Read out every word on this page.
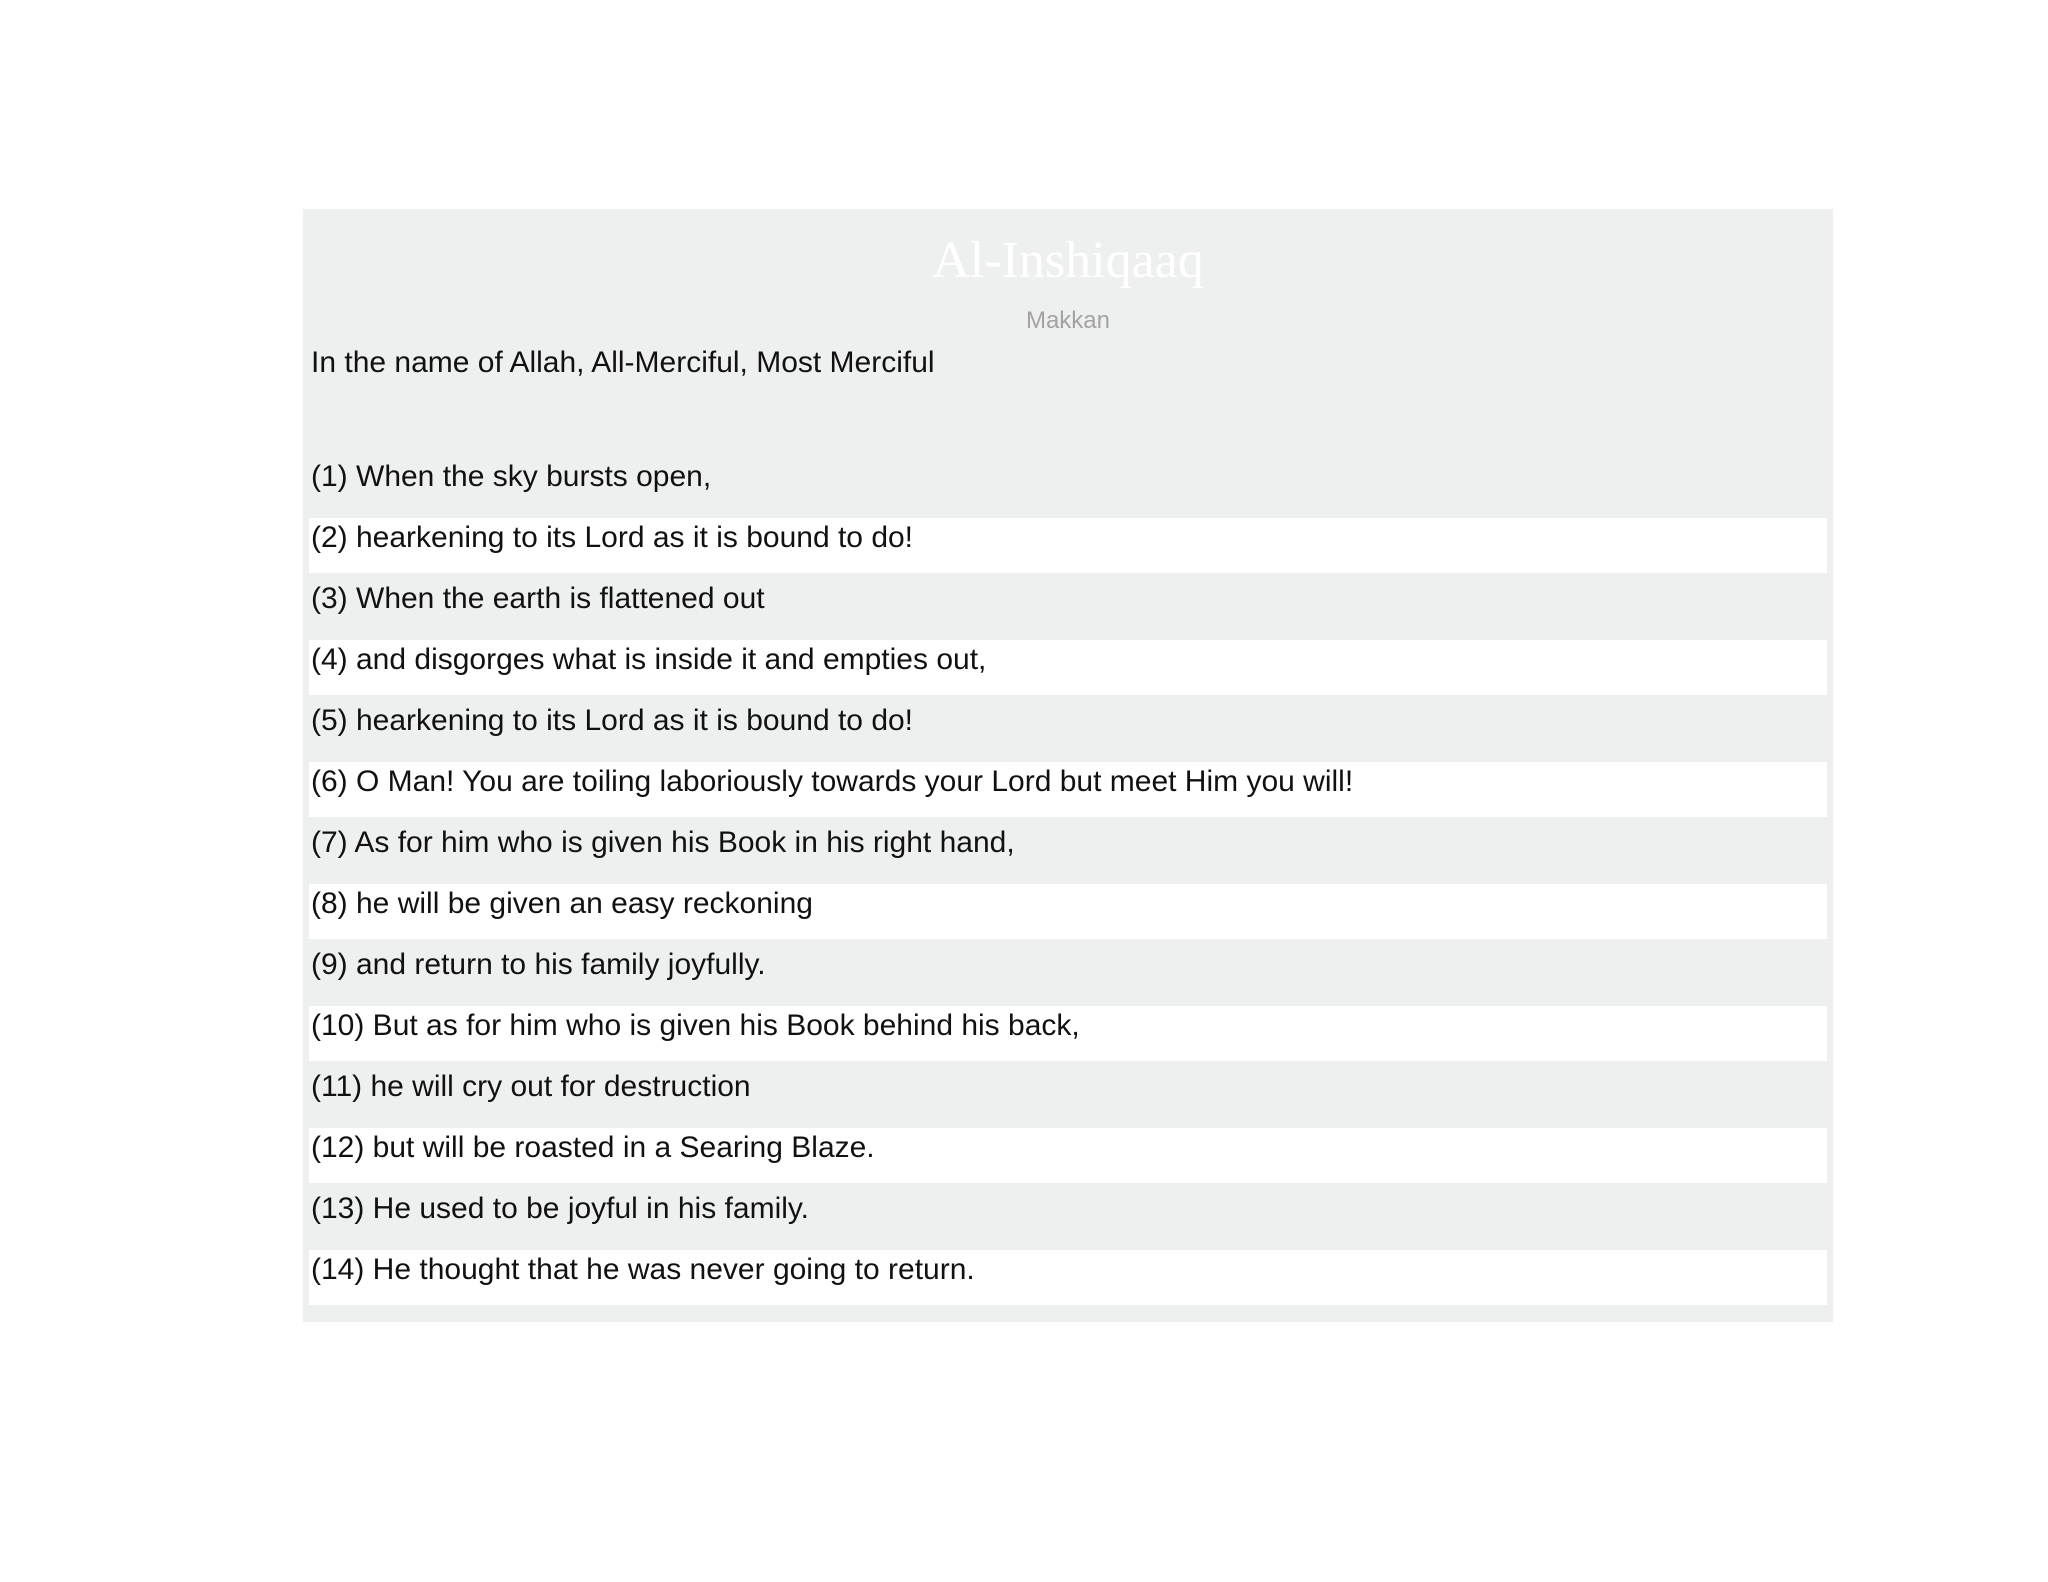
Al-Inshiqaaq
Makkan
In the name of Allah, All-Merciful, Most Merciful
(1) When the sky bursts open,
(2) hearkening to its Lord as it is bound to do!
(3) When the earth is flattened out
(4) and disgorges what is inside it and empties out,
(5) hearkening to its Lord as it is bound to do!
(6) O Man! You are toiling laboriously towards your Lord but meet Him you will!
(7) As for him who is given his Book in his right hand,
(8) he will be given an easy reckoning
(9) and return to his family joyfully.
(10) But as for him who is given his Book behind his back,
(11) he will cry out for destruction
(12) but will be roasted in a Searing Blaze.
(13) He used to be joyful in his family.
(14) He thought that he was never going to return.
